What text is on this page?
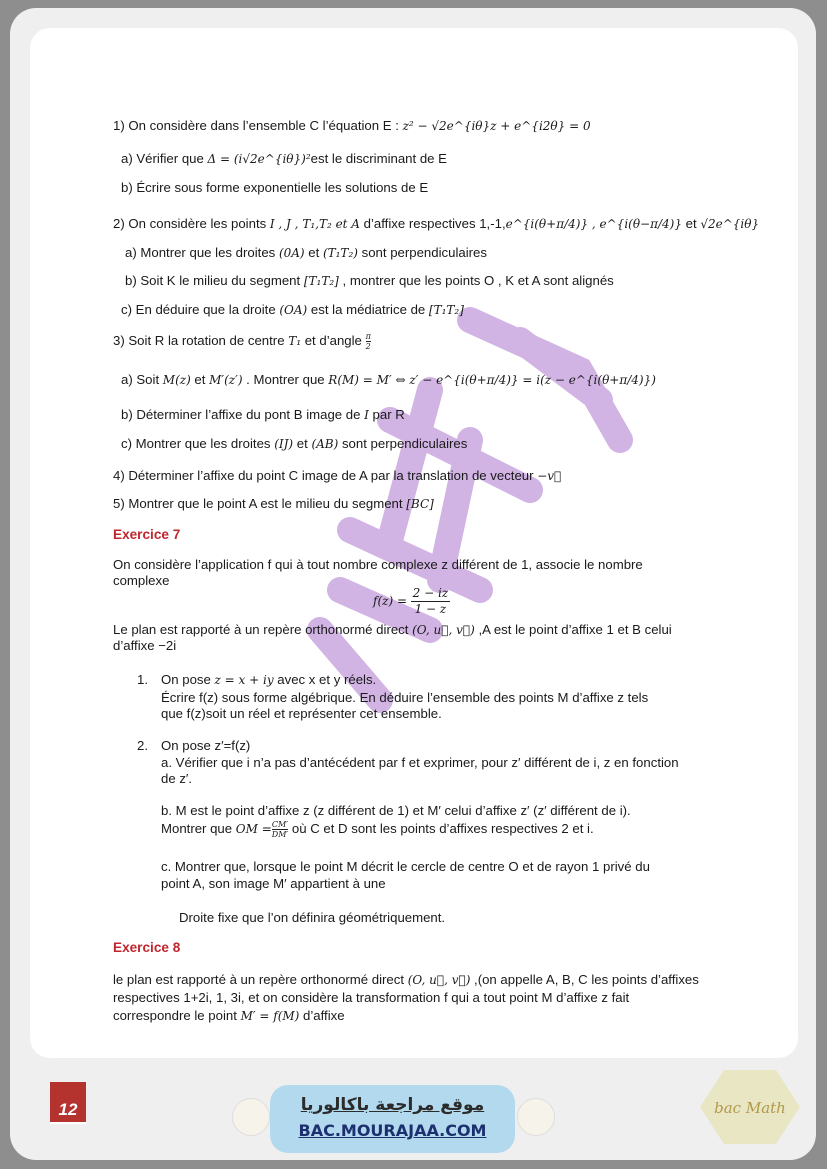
1) On considère dans l’ensemble C l’équation E : z² − √2e^{iθ}z + e^{i2θ} = 0
a) Vérifier que Δ = (i√2e^{iθ})²est le discriminant de E
b) Écrire sous forme exponentielle les solutions de E
2) On considère les points I , J , T₁,T₂ et A d’affixe respectives 1,-1,e^{i(θ+π/4)} , e^{i(θ−π/4)} et √2e^{iθ}
a) Montrer que les droites (0A) et (T₁T₂) sont perpendiculaires
b) Soit K le milieu du segment [T₁T₂] , montrer que les points O , K et A sont alignés
c) En déduire que la droite (OA) est la médiatrice de [T₁T₂]
3) Soit R la rotation de centre T₁ et d’angle $\frac{\pi}{2}$
a) Soit M(z) et M′(z′) . Montrer que R(M) = M′ ⇔ z′ − e^{i(θ+π/4)} = i(z − e^{i(θ+π/4)})
b) Déterminer l’affixe du pont B image de I par R
c) Montrer que les droites (IJ) et (AB) sont perpendiculaires
4) Déterminer l’affixe du point C image de A par la translation de vecteur −v⃗
5) Montrer que le point A est le milieu du segment [BC]
Exercice 7
On considère l’application f qui à tout nombre complexe z différent de 1, associe le nombre
complexe
$f(z) = \frac{2 - iz}{1 - z}$
Le plan est rapporté à un repère orthonormé direct (O, u⃗, v⃗) ,A est le point d’affixe 1 et B celui
d’affixe −2i
1. On pose z = x + iy avec x et y réels.
Écrire f(z) sous forme algébrique. En déduire l’ensemble des points M d’affixe z tels
que f(z)soit un réel et représenter cet ensemble.
2. On pose z′=f(z)
a. Vérifier que i n’a pas d’antécédent par f et exprimer, pour z′ différent de i, z en fonction
de z′.
b. M est le point d’affixe z (z différent de 1) et M′ celui d’affixe z′ (z′ différent de i).
Montrer que OM = $\frac{CM'}{DM'}$ où C et D sont les points d’affixes respectives 2 et i.
c. Montrer que, lorsque le point M décrit le cercle de centre O et de rayon 1 privé du
point A, son image M′ appartient à une
Droite fixe que l’on définira géométriquement.
Exercice 8
le plan est rapporté à un repère orthonormé direct (O, u⃗, v⃗) ,(on appelle A, B, C les points d’affixes
respectives 1+2i, 1, 3i, et on considère la transformation f qui a tout point M d’affixe z fait
correspondre le point M′ = f(M) d’affixe
12	موقع مراجعة باكالوريا
BAC.MOURAJAA.COM
bac Math
